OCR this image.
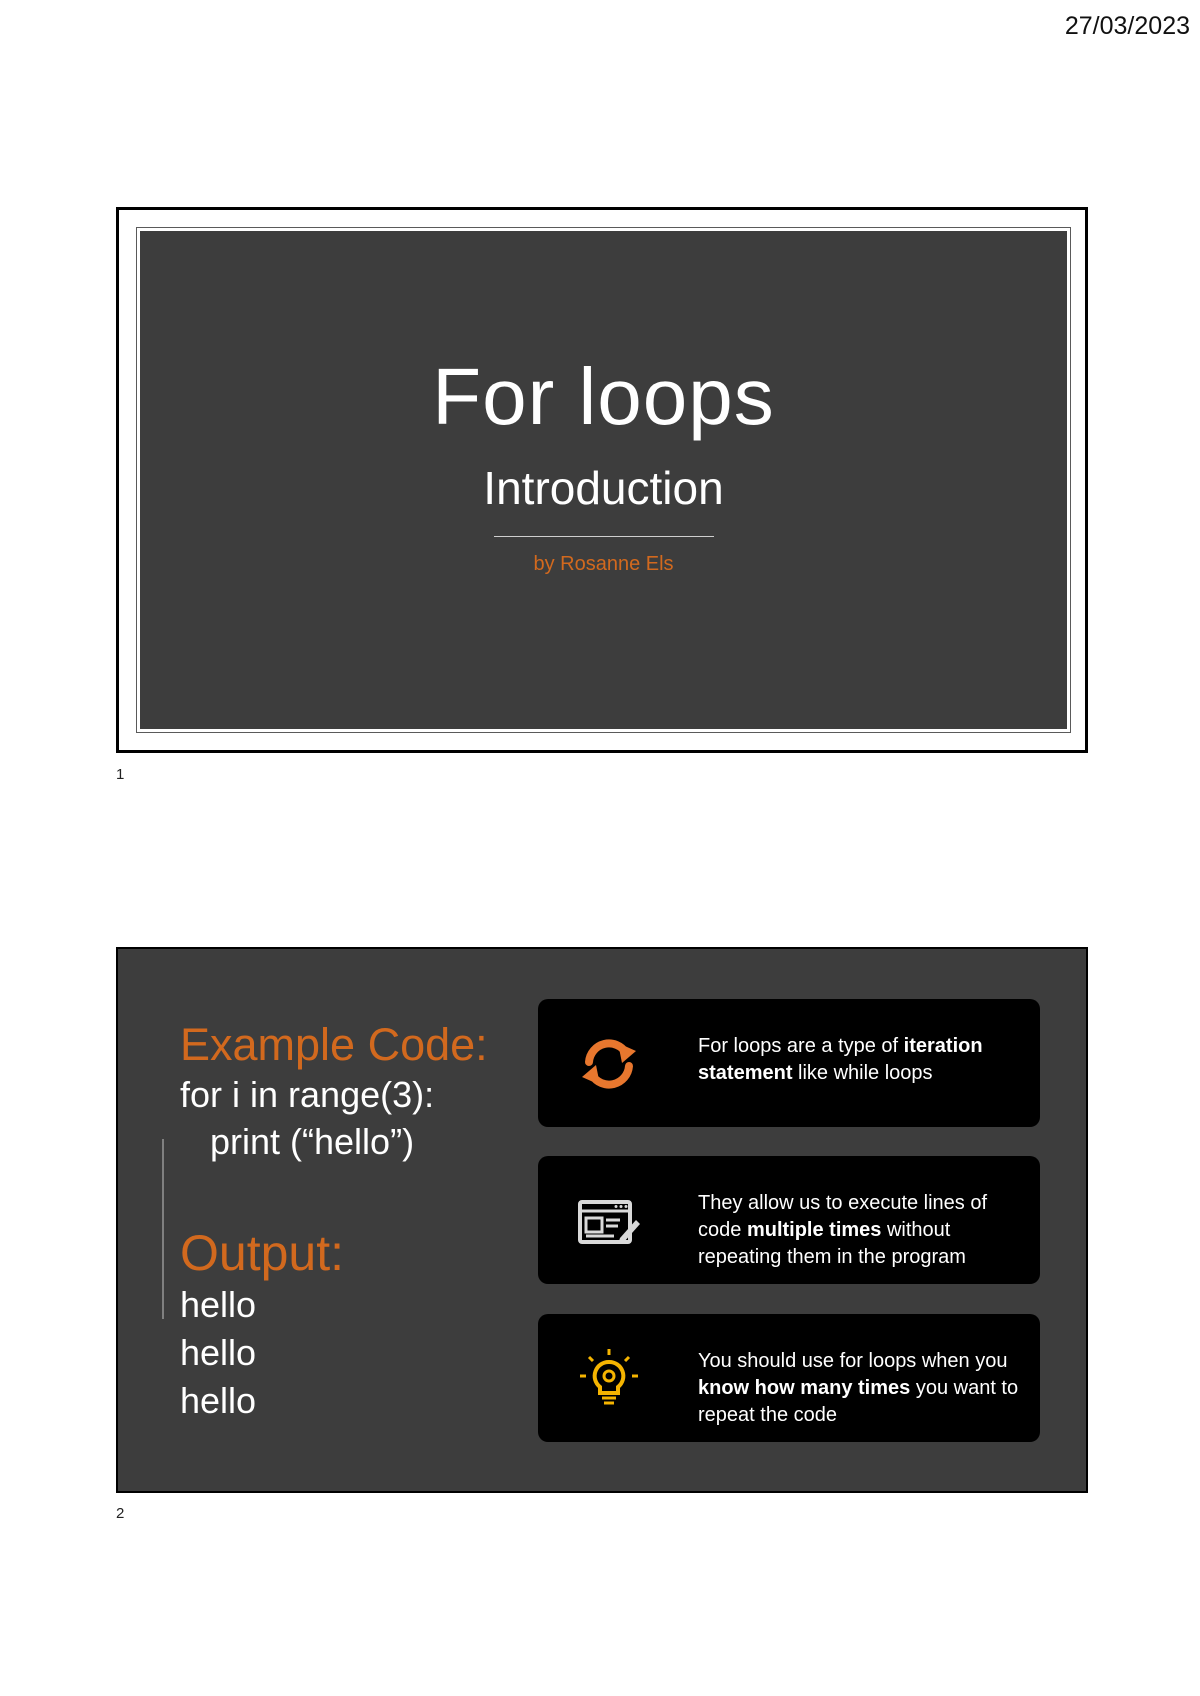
27/03/2023
For loops
Introduction
by Rosanne Els
1
Example Code:
for i in range(3):
print (“hello”)
Output:
hello
hello
hello
For loops are a type of iteration statement like while loops
They allow us to execute lines of code multiple times without repeating them in the program
You should use for loops when you know how many times you want to repeat the code
2
